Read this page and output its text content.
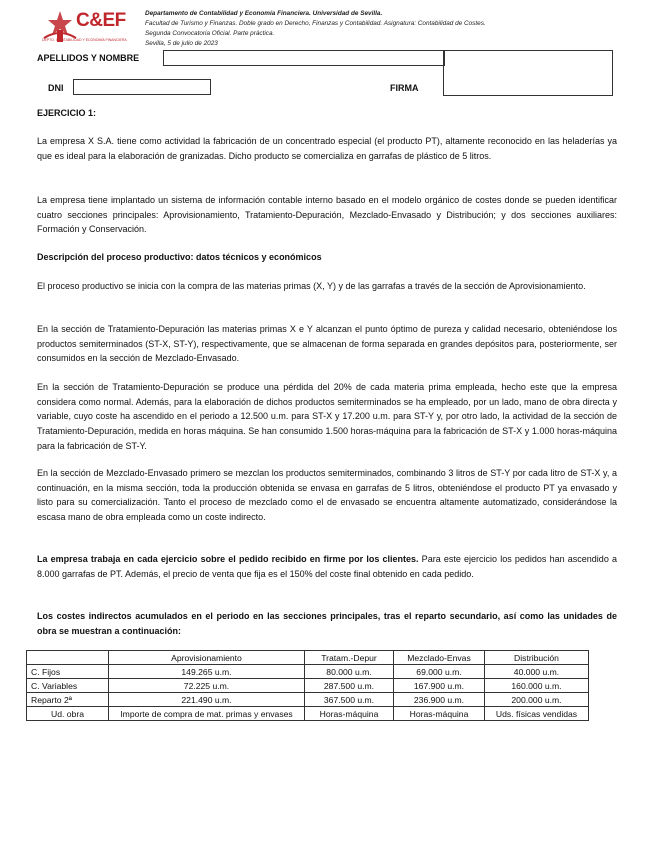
C&EF
DEPTO. CONTABILIDAD Y ECONOMÍA FINANCIERA
Departamento de Contabilidad y Economía Financiera. Universidad de Sevilla.
Facultad de Turismo y Finanzas. Doble grado en Derecho, Finanzas y Contabilidad. Asignatura: Contabilidad de Costes.
Segunda Convocatoria Oficial. Parte práctica.
Sevilla, 5 de julio de 2023
APELLIDOS Y NOMBRE
DNI	FIRMA

EJERCICIO 1:

La empresa X S.A. tiene como actividad la fabricación de un concentrado especial (el producto PT), altamente reconocido en las heladerías ya que es ideal para la elaboración de granizadas. Dicho producto se comercializa en garrafas de plástico de 5 litros.

La empresa tiene implantado un sistema de información contable interno basado en el modelo orgánico de costes donde se pueden identificar cuatro secciones principales: Aprovisionamiento, Tratamiento-Depuración, Mezclado-Envasado y Distribución; y dos secciones auxiliares: Formación y Conservación.

Descripción del proceso productivo: datos técnicos y económicos

El proceso productivo se inicia con la compra de las materias primas (X, Y) y de las garrafas a través de la sección de Aprovisionamiento.

En la sección de Tratamiento-Depuración las materias primas X e Y alcanzan el punto óptimo de pureza y calidad necesario, obteniéndose los productos semiterminados (ST-X, ST-Y), respectivamente, que se almacenan de forma separada en grandes depósitos para, posteriormente, ser consumidos en la sección de Mezclado-Envasado.

En la sección de Tratamiento-Depuración se produce una pérdida del 20% de cada materia prima empleada, hecho este que la empresa considera como normal. Además, para la elaboración de dichos productos semiterminados se ha empleado, por un lado, mano de obra directa y variable, cuyo coste ha ascendido en el periodo a 12.500 u.m. para ST-X y 17.200 u.m. para ST-Y y, por otro lado, la actividad de la sección de Tratamiento-Depuración, medida en horas máquina. Se han consumido 1.500 horas-máquina para la fabricación de ST-X y 1.000 horas-máquina para la fabricación de ST-Y.

En la sección de Mezclado-Envasado primero se mezclan los productos semiterminados, combinando 3 litros de ST-Y por cada litro de ST-X y, a continuación, en la misma sección, toda la producción obtenida se envasa en garrafas de 5 litros, obteniéndose el producto PT ya envasado y listo para su comercialización. Tanto el proceso de mezclado como el de envasado se encuentra altamente automatizado, considerándose la escasa mano de obra empleada como un coste indirecto.

La empresa trabaja en cada ejercicio sobre el pedido recibido en firme por los clientes. Para este ejercicio los pedidos han ascendido a 8.000 garrafas de PT. Además, el precio de venta que fija es el 150% del coste final obtenido en cada pedido.

Los costes indirectos acumulados en el periodo en las secciones principales, tras el reparto secundario, así como las unidades de obra se muestran a continuación:

	Aprovisionamiento	Tratam.-Depur	Mezclado-Envas	Distribución
C. Fijos	149.265 u.m.	80.000 u.m.	69.000 u.m.	40.000 u.m.
C. Variables	72.225 u.m.	287.500 u.m.	167.900 u.m.	160.000 u.m.
Reparto 2ª	221.490 u.m.	367.500 u.m.	236.900 u.m.	200.000 u.m.
Ud. obra	Importe de compra de mat. primas y envases	Horas-máquina	Horas-máquina	Uds. físicas vendidas
